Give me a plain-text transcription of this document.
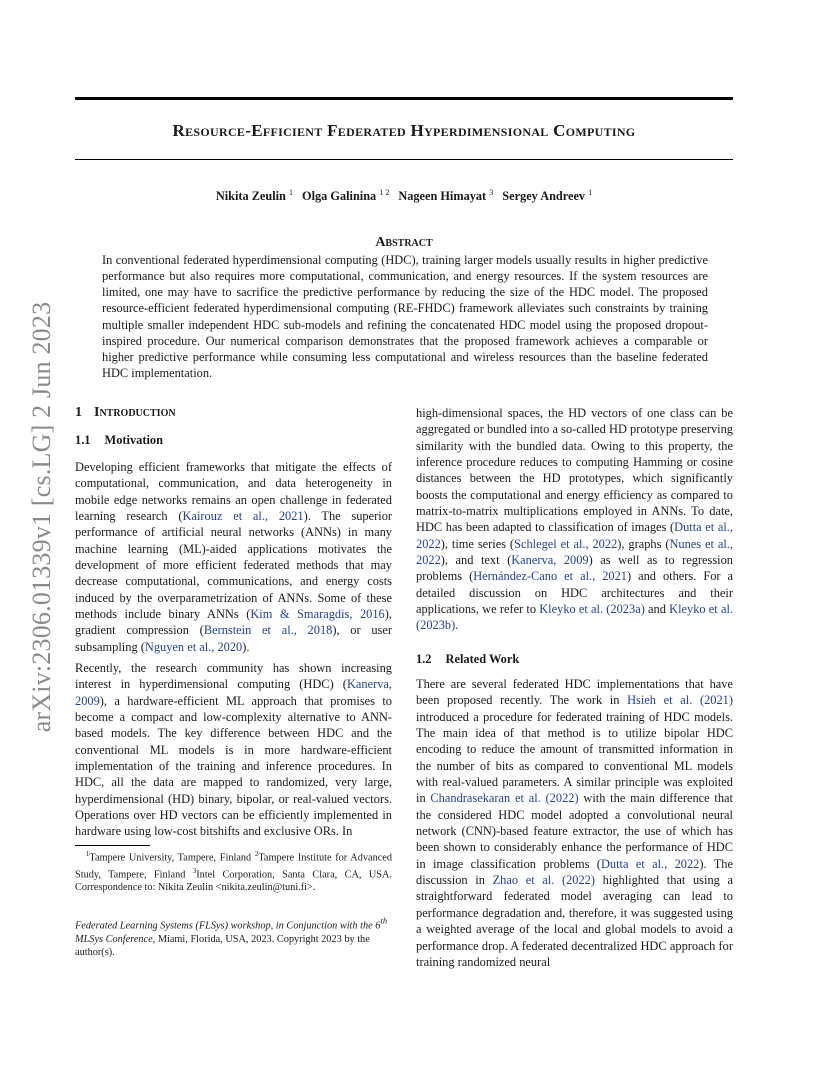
Resource-Efficient Federated Hyperdimensional Computing
Nikita Zeulin $^1$ Olga Galinina $^{1 2}$ Nageen Himayat $^3$ Sergey Andreev $^1$
Abstract

In conventional federated hyperdimensional computing (HDC), training larger models usually results in higher predictive performance but also requires more computational, communication, and energy resources. If the system resources are limited, one may have to sacrifice the predictive performance by reducing the size of the HDC model. The proposed resource-efficient federated hyperdimensional computing (RE-FHDC) framework alleviates such constraints by training multiple smaller independent HDC sub-models and refining the concatenated HDC model using the proposed dropout-inspired procedure. Our numerical comparison demonstrates that the proposed framework achieves a comparable or higher predictive performance while consuming less computational and wireless resources than the baseline federated HDC implementation.

arXiv:2306.01339v1 [cs.LG] 2 Jun 2023 1 Introduction
1.1 Motivation

Developing efficient frameworks that mitigate the effects of computational, communication, and data heterogeneity in mobile edge networks remains an open challenge in federated learning research (Kairouz et al., 2021). The superior performance of artificial neural networks (ANNs) in many machine learning (ML)-aided applications motivates the development of more efficient federated methods that may decrease computational, communications, and energy costs induced by the overparametrization of ANNs. Some of these methods include binary ANNs (Kim & Smaragdis, 2016), gradient compression (Bernstein et al., 2018), or user subsampling (Nguyen et al., 2020).

Recently, the research community has shown increasing interest in hyperdimensional computing (HDC) (Kanerva, 2009), a hardware-efficient ML approach that promises to become a compact and low-complexity alternative to ANN-based models. The key difference between HDC and the conventional ML models is in more hardware-efficient implementation of the training and inference procedures. In HDC, all the data are mapped to randomized, very large, hyperdimensional (HD) binary, bipolar, or real-valued vectors. Operations over HD vectors can be efficiently implemented in hardware using low-cost bitshifts and exclusive ORs. In

$^1$Tampere University, Tampere, Finland $^2$Tampere Institute for Advanced Study, Tampere, Finland $^3$Intel Corporation, Santa Clara, CA, USA. Correspondence to: Nikita Zeulin <nikita.zeulin@tuni.fi>.

Federated Learning Systems (FLSys) workshop, in Conjunction with the 6th MLSys Conference, Miami, Florida, USA, 2023. Copyright 2023 by the author(s).

high-dimensional spaces, the HD vectors of one class can be aggregated or bundled into a so-called HD prototype preserving similarity with the bundled data. Owing to this property, the inference procedure reduces to computing Hamming or cosine distances between the HD prototypes, which significantly boosts the computational and energy efficiency as compared to matrix-to-matrix multiplications employed in ANNs. To date, HDC has been adapted to classification of images (Dutta et al., 2022), time series (Schlegel et al., 2022), graphs (Nunes et al., 2022), and text (Kanerva, 2009) as well as to regression problems (Hernández-Cano et al., 2021) and others. For a detailed discussion on HDC architectures and their applications, we refer to Kleyko et al. (2023a) and Kleyko et al. (2023b).

1.2 Related Work

There are several federated HDC implementations that have been proposed recently. The work in Hsieh et al. (2021) introduced a procedure for federated training of HDC models. The main idea of that method is to utilize bipolar HDC encoding to reduce the amount of transmitted information in the number of bits as compared to conventional ML models with real-valued parameters. A similar principle was exploited in Chandrasekaran et al. (2022) with the main difference that the considered HDC model adopted a convolutional neural network (CNN)-based feature extractor, the use of which has been shown to considerably enhance the performance of HDC in image classification problems (Dutta et al., 2022). The discussion in Zhao et al. (2022) highlighted that using a straightforward federated model averaging can lead to performance degradation and, therefore, it was suggested using a weighted average of the local and global models to avoid a performance drop. A federated decentralized HDC approach for training randomized neural
